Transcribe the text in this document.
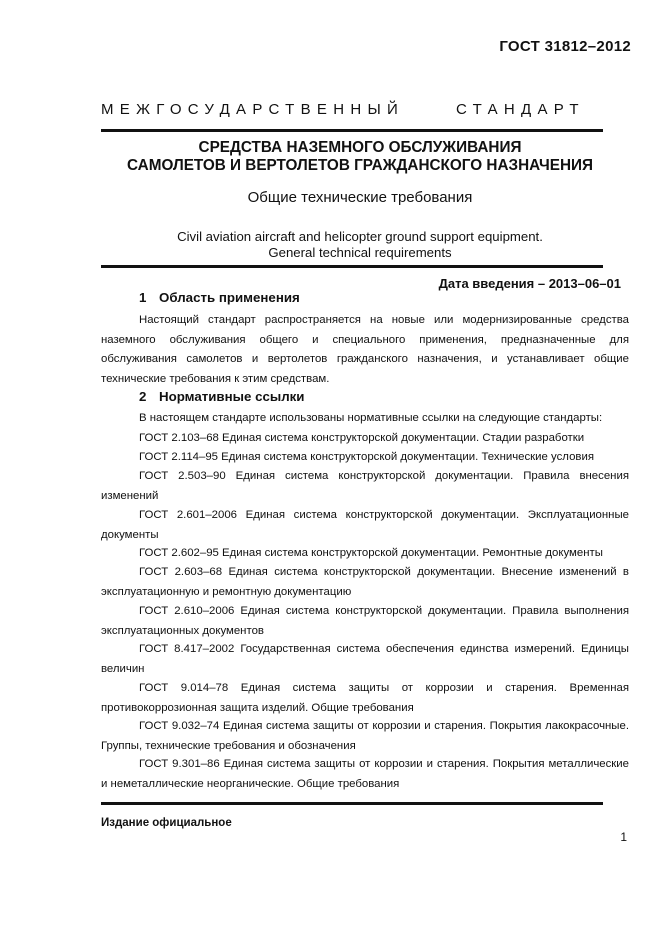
ГОСТ 31812–2012
МЕЖГОСУДАРСТВЕННЫЙ	СТАНДАРТ
СРЕДСТВА НАЗЕМНОГО ОБСЛУЖИВАНИЯ
САМОЛЕТОВ И ВЕРТОЛЕТОВ ГРАЖДАНСКОГО НАЗНАЧЕНИЯ
Общие технические требования
Civil aviation aircraft and helicopter ground support equipment.
General technical requirements
Дата введения – 2013–06–01
1 Область применения
Настоящий стандарт распространяется на новые или модернизированные средства наземного обслуживания общего и специального применения, предназначенные для обслуживания самолетов и вертолетов гражданского назначения, и устанавливает общие технические требования к этим средствам.
2 Нормативные ссылки
В настоящем стандарте использованы нормативные ссылки на следующие стандарты:
ГОСТ 2.103–68 Единая система конструкторской документации. Стадии разработки
ГОСТ 2.114–95 Единая система конструкторской документации. Технические условия
ГОСТ 2.503–90 Единая система конструкторской документации. Правила внесения изменений
ГОСТ 2.601–2006 Единая система конструкторской документации. Эксплуатационные документы
ГОСТ 2.602–95 Единая система конструкторской документации. Ремонтные документы
ГОСТ 2.603–68 Единая система конструкторской документации. Внесение изменений в эксплуатационную и ремонтную документацию
ГОСТ 2.610–2006 Единая система конструкторской документации. Правила выполнения эксплуатационных документов
ГОСТ 8.417–2002 Государственная система обеспечения единства измерений. Единицы величин
ГОСТ 9.014–78 Единая система защиты от коррозии и старения. Временная противокоррозионная защита изделий. Общие требования
ГОСТ 9.032–74 Единая система защиты от коррозии и старения. Покрытия лакокрасочные. Группы, технические требования и обозначения
ГОСТ 9.301–86 Единая система защиты от коррозии и старения. Покрытия металлические и неметаллические неорганические. Общие требования
Издание официальное
1
